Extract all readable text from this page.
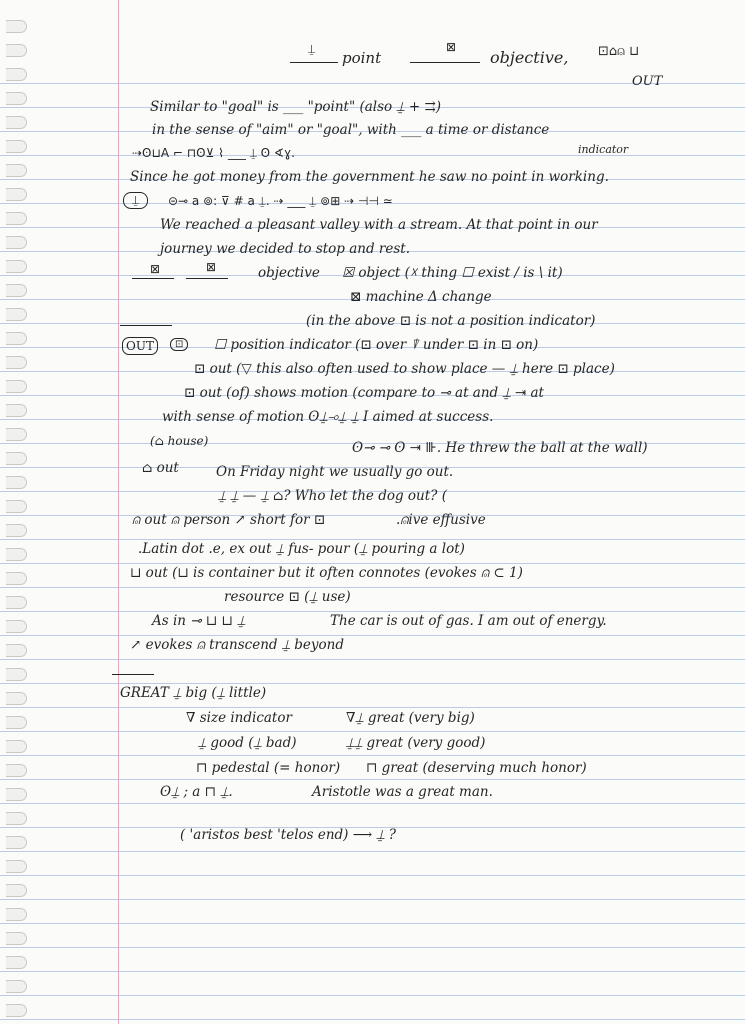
⍊ point
⊠
objective, ⊡⌂⍝ ⊔
OUT
Similar to "goal" is ___ "point" (also ⍊ + ⇉)
in the sense of "aim" or "goal", with ___ a time or distance
indicator
⇢ʘ⊔A ⌐ ⊓ʘ⊻ ⌇ ___ ⍊ ʘ ∢ɣ.
Since he got money from the government he saw no point in working.
⍊	⊝⊸ a ⊚: ⊽ # a ⍊. ⇢ ___ ⍊ ⊚⊞ ⇢ ⊣⊣ ≃
We reached a pleasant valley with a stream. At that point in our
journey we decided to stop and rest.
⊠	⊠	objective ☒ object (☓ thing ☐ exist / is \ it)
⊠ machine Δ change
(in the above ⊡ is not a position indicator)
OUT	⊡	☐ position indicator (⊡ over ⍒ under ⊡ in ⊡ on)
⊡ out (▽ this also often used to show place — ⍊ here ⊡ place)
⊡ out (of) shows motion (compare to ⊸ at and ⍊ ⇥ at
with sense of motion ʘ⍊⊸⍊ ⍊ I aimed at success.
(⌂ house)	ʘ⊸ ⊸ ʘ ⇥ ⊪. He threw the ball at the wall)
⌂ out	On Friday night we usually go out.
⍊ ⍊ — ⍊ ⌂? Who let the dog out? (
⍝ out ⍝ person ↗ short for ⊡	.⍝ive effusive
.Latin dot .e, ex out ⍊ fus- pour (⍊ pouring a lot)
⊔ out (⊔ is container but it often connotes (evokes ⍝ ⊂ 1)
resource ⊡ (⍊ use)
As in ⊸ ⊔ ⊔ ⍊	The car is out of gas. I am out of energy.
↗ evokes ⍝ transcend ⍊ beyond
GREAT ⍊ big (⍊ little)
∇ size indicator	∇⍊ great (very big)
⍊ good (⍊ bad)	⍊⍊ great (very good)
⊓ pedestal (= honor) ⊓ great (deserving much honor)
ʘ⍊ ; a ⊓ ⍊.	Aristotle was a great man.
( 'aristos best 'telos end) ⟶ ⍊ ?
